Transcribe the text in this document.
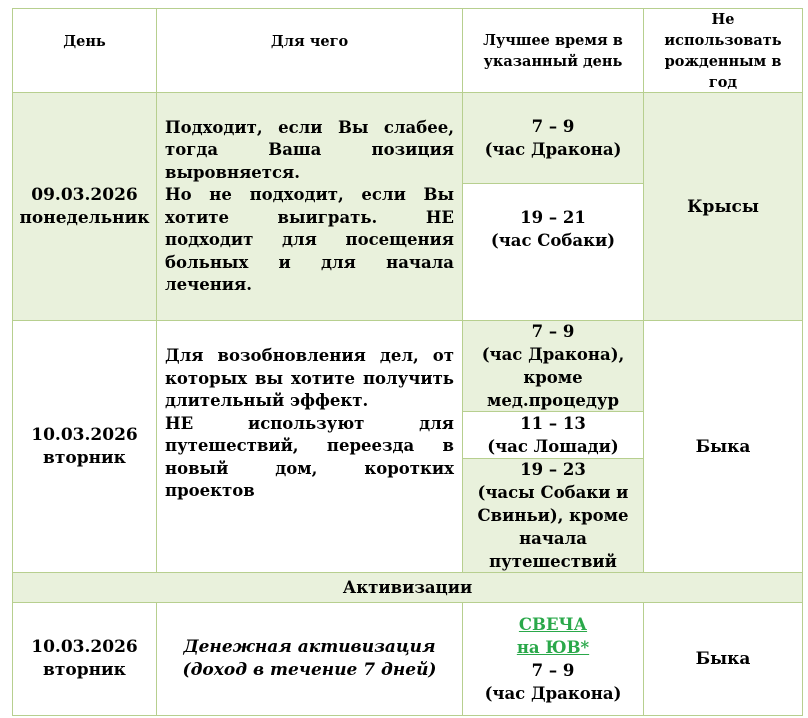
День	Для чего	Лучшее время в указанный день
Не использовать рожденным в год
09.03.2026
понедельник

Подходит, если Вы слабее, тогда Ваша позиция выровняется.

Но не подходит, если Вы хотите выиграть. НЕ подходит для посещения больных и для начала лечения.

7 – 9
(час Дракона)
19 – 21
(час Собаки)
Крысы
10.03.2026
вторник

Для возобновления дел, от которых вы хотите получить длительный эффект.

НЕ используют для путешествий, переезда в новый дом, коротких проектов

7 – 9
(час Дракона), кроме мед.процедур
11 – 13
(час Лошади)
19 – 23
(часы Собаки и Свиньи), кроме начала путешествий
Быка
Активизации
10.03.2026
вторник
Денежная активизация (доход в течение 7 дней)
СВЕЧА
на ЮВ*
7 – 9
(час Дракона)
Быка
